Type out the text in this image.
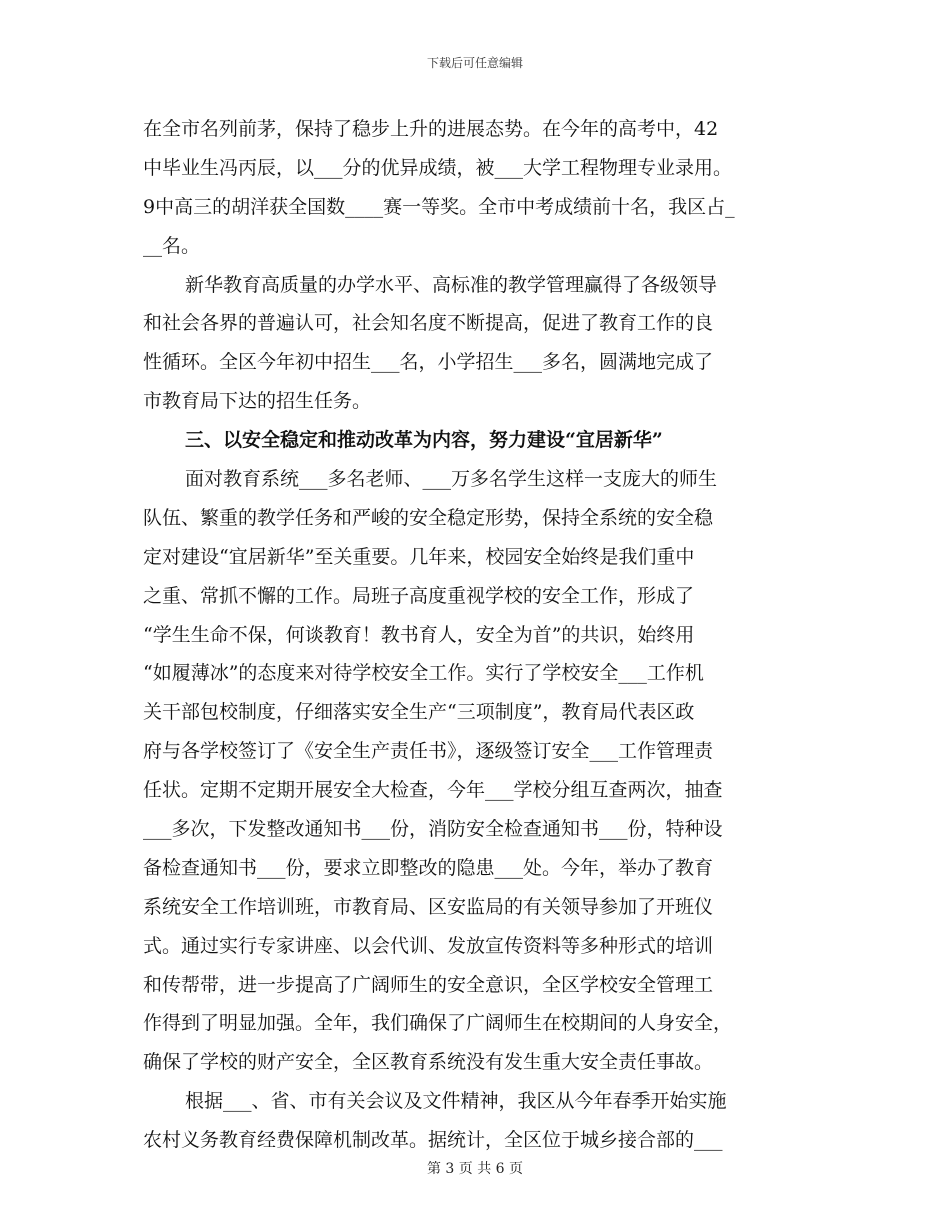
下载后可任意编辑
在全市名列前茅，保持了稳步上升的进展态势。在今年的高考中，42
中毕业生冯丙辰，以___分的优异成绩，被___大学工程物理专业录用。
9中高三的胡洋获全国数____赛一等奖。全市中考成绩前十名，我区占_
__名。
新华教育高质量的办学水平、高标准的教学管理赢得了各级领导
和社会各界的普遍认可，社会知名度不断提高，促进了教育工作的良
性循环。全区今年初中招生___名，小学招生___多名，圆满地完成了
市教育局下达的招生任务。
三、以安全稳定和推动改革为内容，努力建设“宜居新华”
面对教育系统___多名老师、___万多名学生这样一支庞大的师生
队伍、繁重的教学任务和严峻的安全稳定形势，保持全系统的安全稳
定对建设“宜居新华”至关重要。几年来，校园安全始终是我们重中
之重、常抓不懈的工作。局班子高度重视学校的安全工作，形成了
“学生生命不保，何谈教育！教书育人，安全为首”的共识，始终用
“如履薄冰”的态度来对待学校安全工作。实行了学校安全___工作机
关干部包校制度，仔细落实安全生产“三项制度”，教育局代表区政
府与各学校签订了《安全生产责任书》，逐级签订安全___工作管理责
任状。定期不定期开展安全大检查，今年___学校分组互查两次，抽查
___多次，下发整改通知书___份，消防安全检查通知书___份，特种设
备检查通知书___份，要求立即整改的隐患___处。今年，举办了教育
系统安全工作培训班，市教育局、区安监局的有关领导参加了开班仪
式。通过实行专家讲座、以会代训、发放宣传资料等多种形式的培训
和传帮带，进一步提高了广阔师生的安全意识，全区学校安全管理工
作得到了明显加强。全年，我们确保了广阔师生在校期间的人身安全，
确保了学校的财产安全，全区教育系统没有发生重大安全责任事故。
根据___、省、市有关会议及文件精神，我区从今年春季开始实施
农村义务教育经费保障机制改革。据统计，全区位于城乡接合部的___
第 3 页 共 6 页
